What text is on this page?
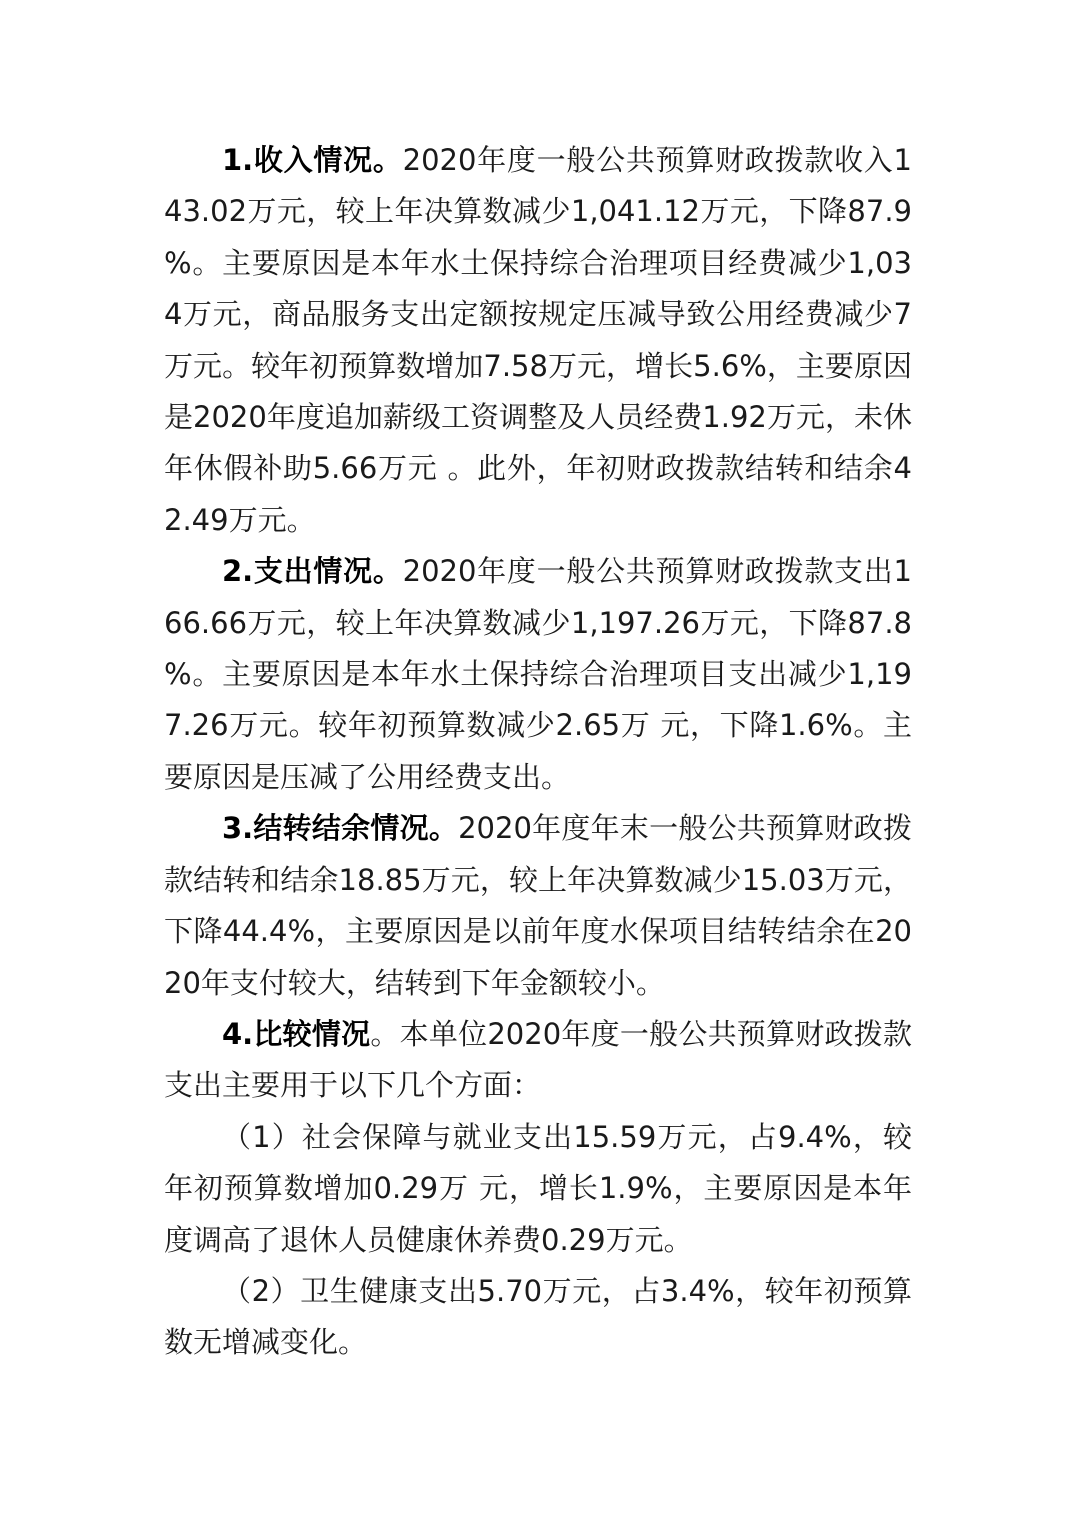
1.收入情况。2020年度一般公共预算财政拨款收入143.02万元，较上年决算数减少1,041.12万元，下降87.9%。主要原因是本年水土保持综合治理项目经费减少1,034万元，商品服务支出定额按规定压减导致公用经费减少7万元。较年初预算数增加7.58万元，增长5.6%，主要原因是2020年度追加薪级工资调整及人员经费1.92万元，未休年休假补助5.66万元 。此外，年初财政拨款结转和结余42.49万元。

2.支出情况。2020年度一般公共预算财政拨款支出166.66万元，较上年决算数减少1,197.26万元，下降87.8%。主要原因是本年水土保持综合治理项目支出减少1,197.26万元。较年初预算数减少2.65万 元，下降1.6%。主要原因是压减了公用经费支出。

3.结转结余情况。2020年度年末一般公共预算财政拨款结转和结余18.85万元，较上年决算数减少15.03万元，下降44.4%，主要原因是以前年度水保项目结转结余在2020年支付较大，结转到下年金额较小。

4.比较情况。本单位2020年度一般公共预算财政拨款支出主要用于以下几个方面：

（1）社会保障与就业支出15.59万元，占9.4%，较年初预算数增加0.29万 元，增长1.9%，主要原因是本年度调高了退休人员健康休养费0.29万元。

（2）卫生健康支出5.70万元，占3.4%，较年初预算数无增减变化。
